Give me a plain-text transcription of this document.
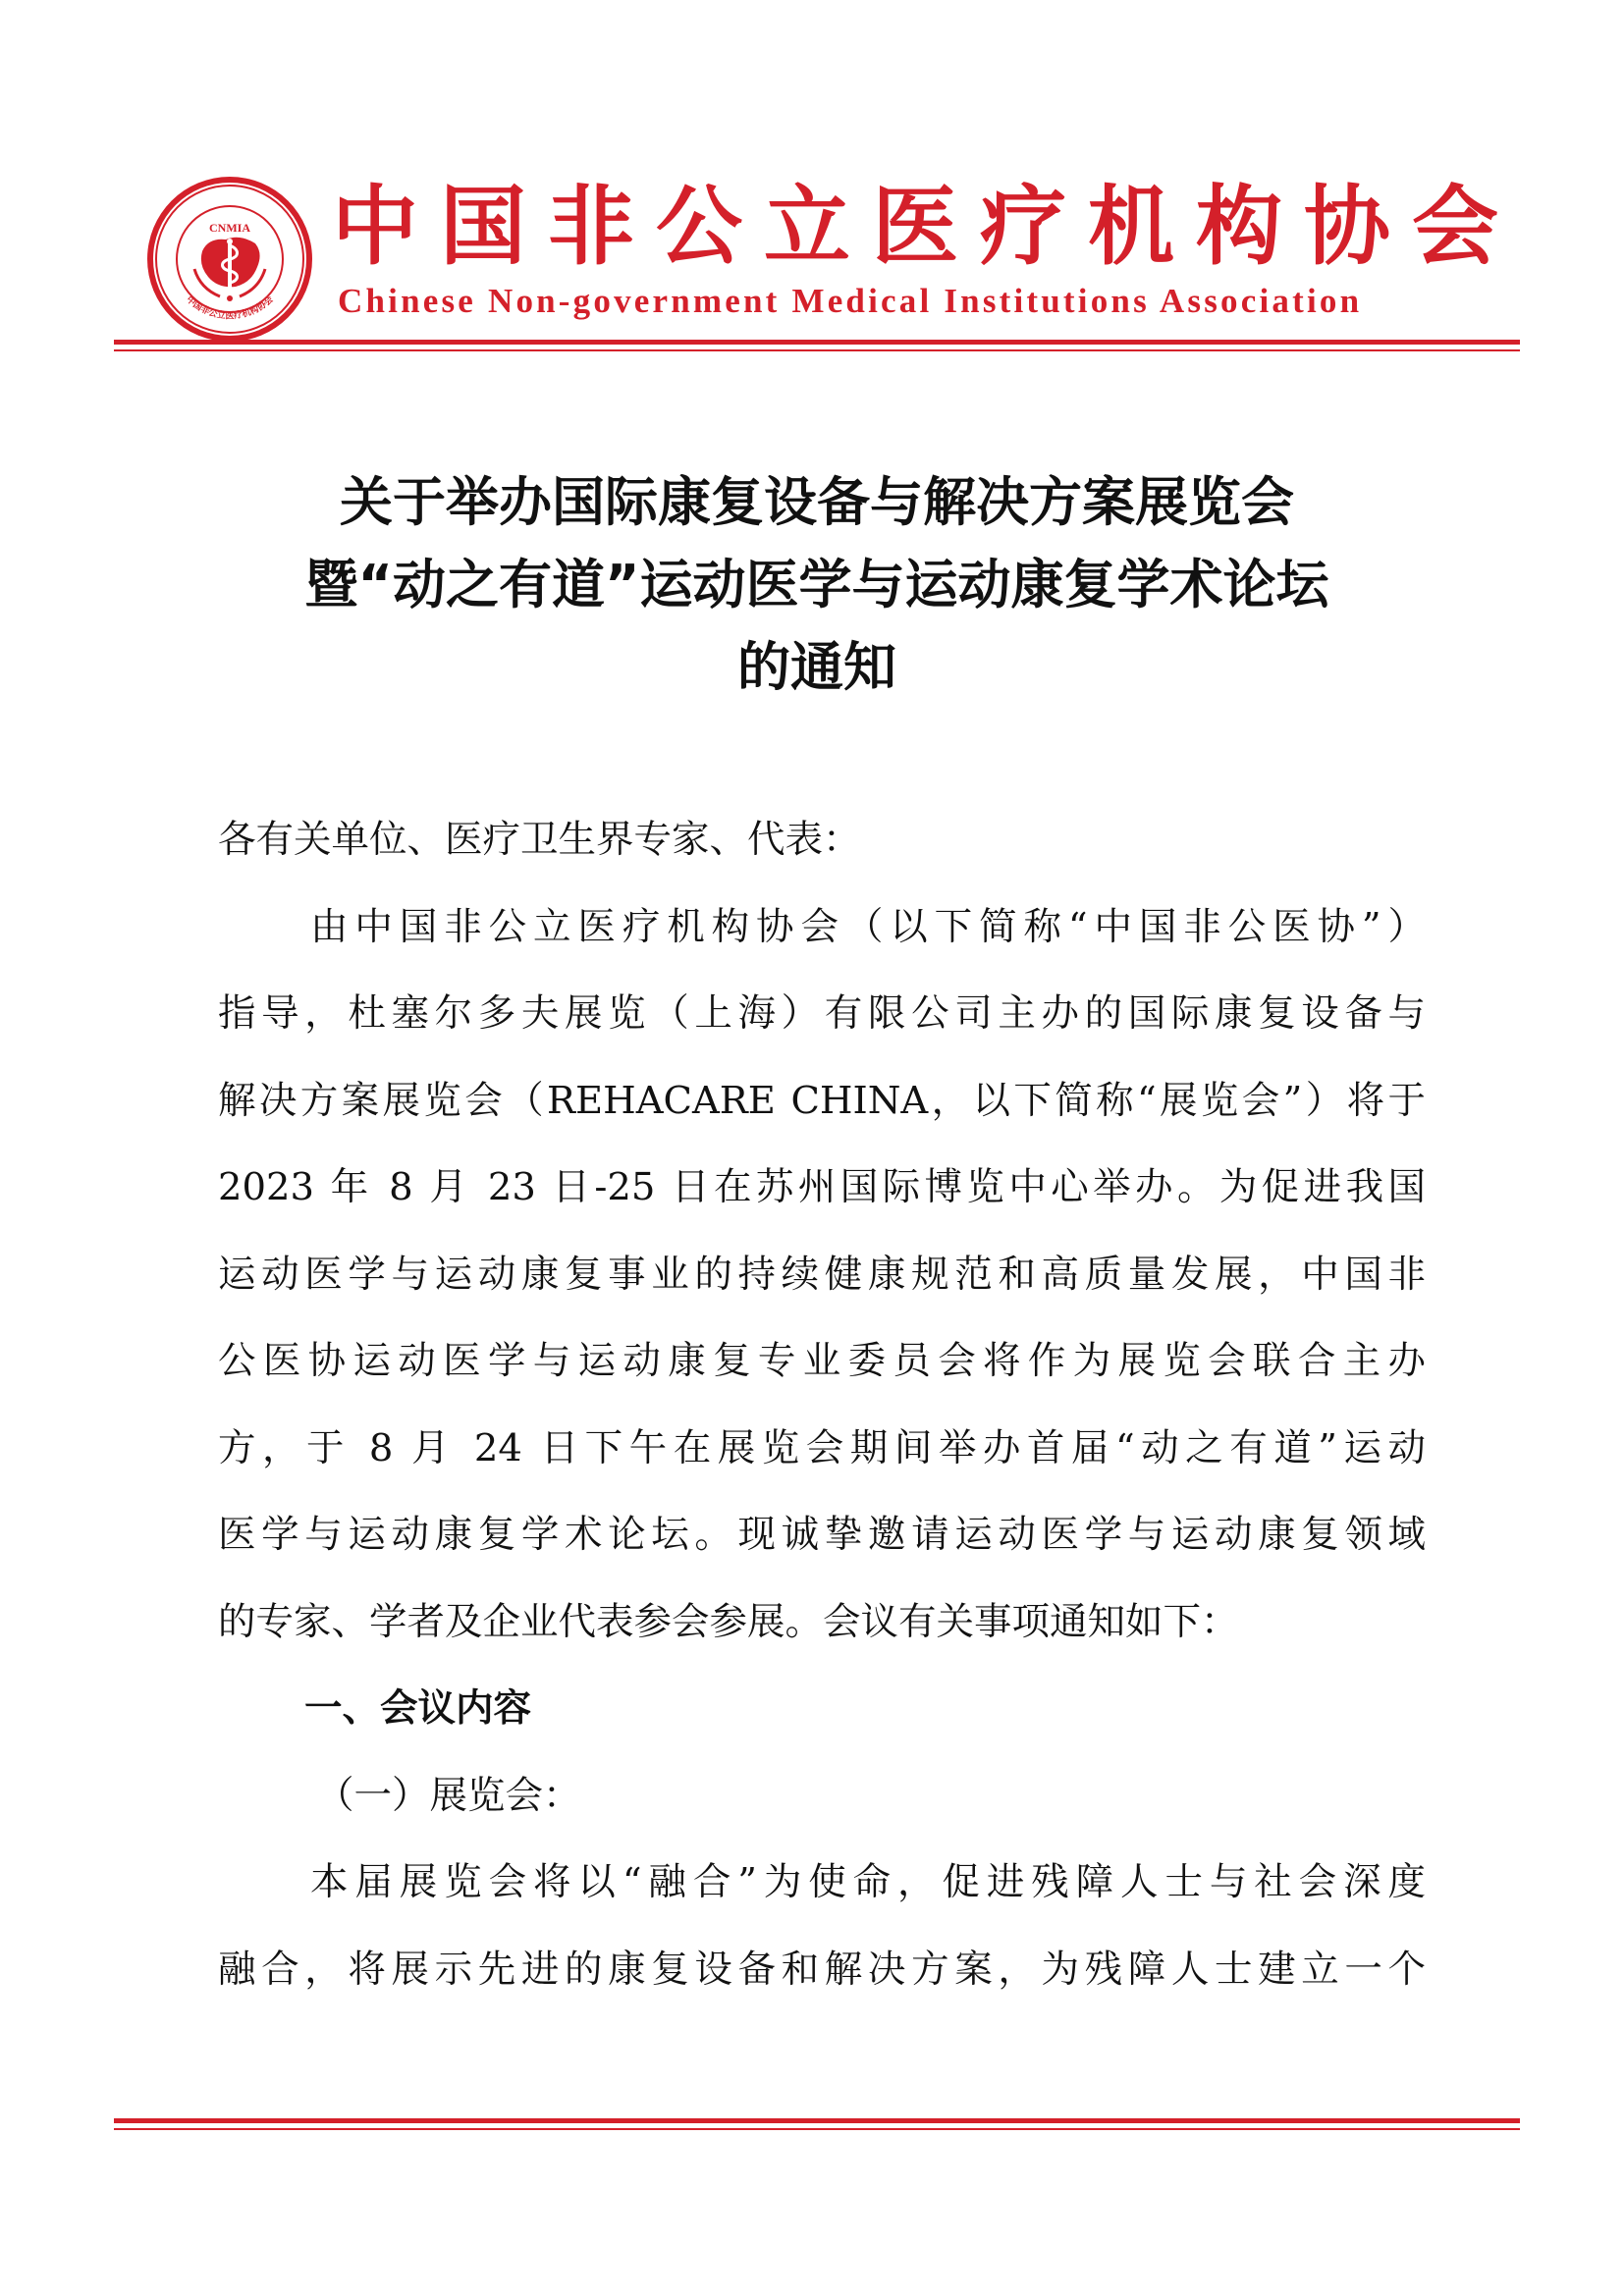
中国非公立医疗机构协会
CNMIA 中国非公立医疗机构协会
Chinese Non-government Medical Institutions Association
关于举办国际康复设备与解决方案展览会
暨“动之有道”运动医学与运动康复学术论坛
的通知
各有关单位、医疗卫生界专家、代表：
由中国非公立医疗机构协会（以下简称“中国非公医协”）
指导，杜塞尔多夫展览（上海）有限公司主办的国际康复设备与
解决方案展览会（REHACARE CHINA，以下简称“展览会”）将于
2023 年 8 月 23 日-25 日在苏州国际博览中心举办。为促进我国
运动医学与运动康复事业的持续健康规范和高质量发展，中国非
公医协运动医学与运动康复专业委员会将作为展览会联合主办
方，于 8 月 24 日下午在展览会期间举办首届“动之有道”运动
医学与运动康复学术论坛。现诚挚邀请运动医学与运动康复领域
的专家、学者及企业代表参会参展。会议有关事项通知如下：
一、会议内容
（一）展览会：
本届展览会将以“融合”为使命，促进残障人士与社会深度
融合，将展示先进的康复设备和解决方案，为残障人士建立一个
